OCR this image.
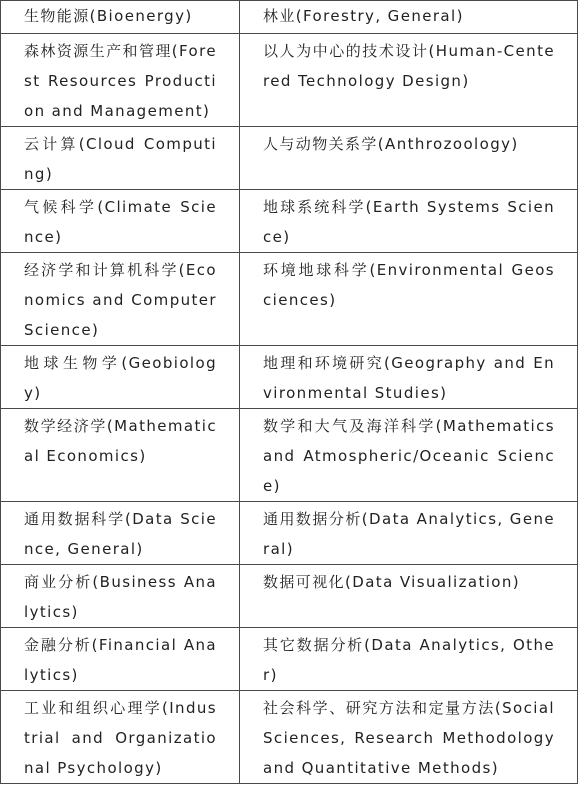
生物能源(Bioenergy)	林业(Forestry, General)
森林资源生产和管理(Forest Resources Production and Management)	以人为中心的技术设计(Human-Centered Technology Design)
云计算(Cloud Computing)	人与动物关系学(Anthrozoology)
气候科学(Climate Science)	地球系统科学(Earth Systems Science)
经济学和计算机科学(Economics and Computer Science)	环境地球科学(Environmental Geosciences)
地球生物学(Geobiology)	地理和环境研究(Geography and Environmental Studies)
数学经济学(Mathematical Economics)	数学和大气及海洋科学(Mathematics and Atmospheric/Oceanic Science)
通用数据科学(Data Science, General)	通用数据分析(Data Analytics, General)
商业分析(Business Analytics)	数据可视化(Data Visualization)
金融分析(Financial Analytics)	其它数据分析(Data Analytics, Other)
工业和组织心理学(Industrial and Organizational Psychology)	社会科学、研究方法和定量方法(Social Sciences, Research Methodology and Quantitative Methods)
